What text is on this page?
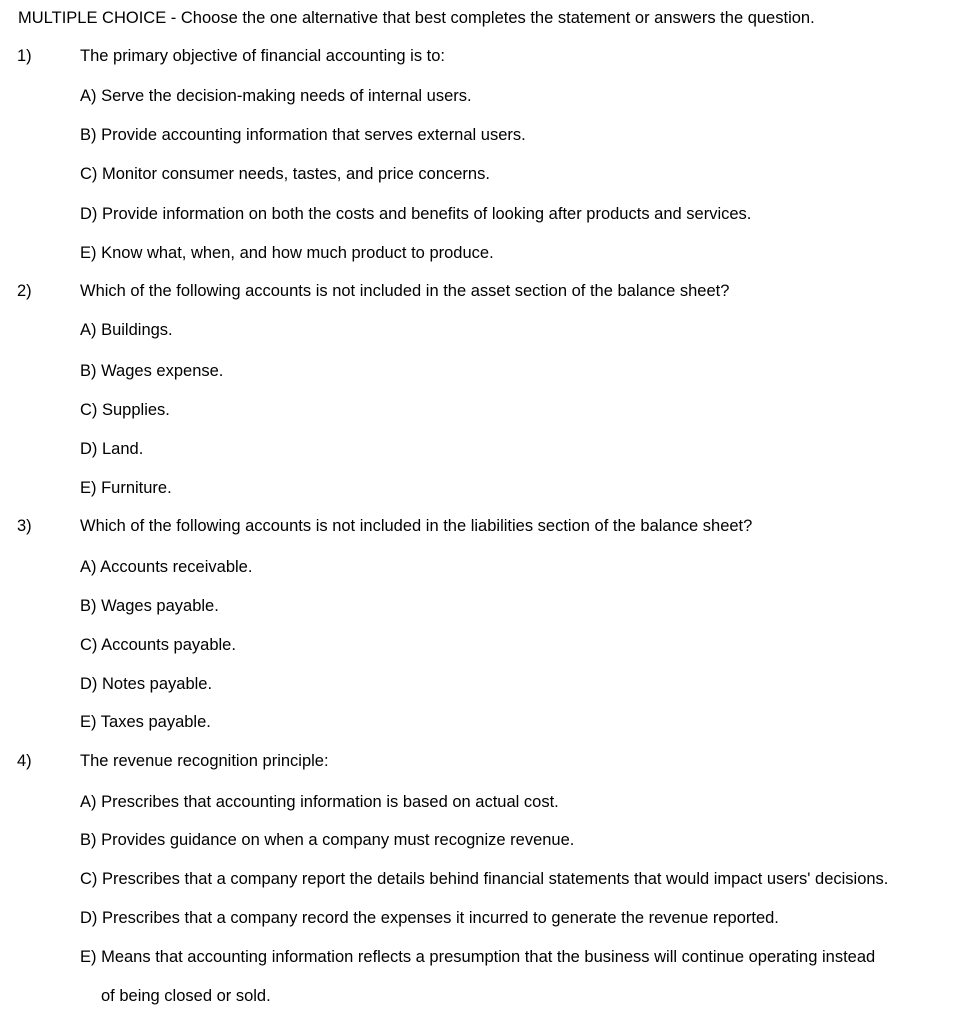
MULTIPLE CHOICE - Choose the one alternative that best completes the statement or answers the question.
1)	The primary objective of financial accounting is to:
A) Serve the decision-making needs of internal users.
B) Provide accounting information that serves external users.
C) Monitor consumer needs, tastes, and price concerns.
D) Provide information on both the costs and benefits of looking after products and services.
E) Know what, when, and how much product to produce.
2)	Which of the following accounts is not included in the asset section of the balance sheet?
A) Buildings.
B) Wages expense.
C) Supplies.
D) Land.
E) Furniture.
3)	Which of the following accounts is not included in the liabilities section of the balance sheet?
A) Accounts receivable.
B) Wages payable.
C) Accounts payable.
D) Notes payable.
E) Taxes payable.
4)	The revenue recognition principle:
A) Prescribes that accounting information is based on actual cost.
B) Provides guidance on when a company must recognize revenue.
C) Prescribes that a company report the details behind financial statements that would impact users' decisions.
D) Prescribes that a company record the expenses it incurred to generate the revenue reported.
E) Means that accounting information reflects a presumption that the business will continue operating instead
of being closed or sold.
